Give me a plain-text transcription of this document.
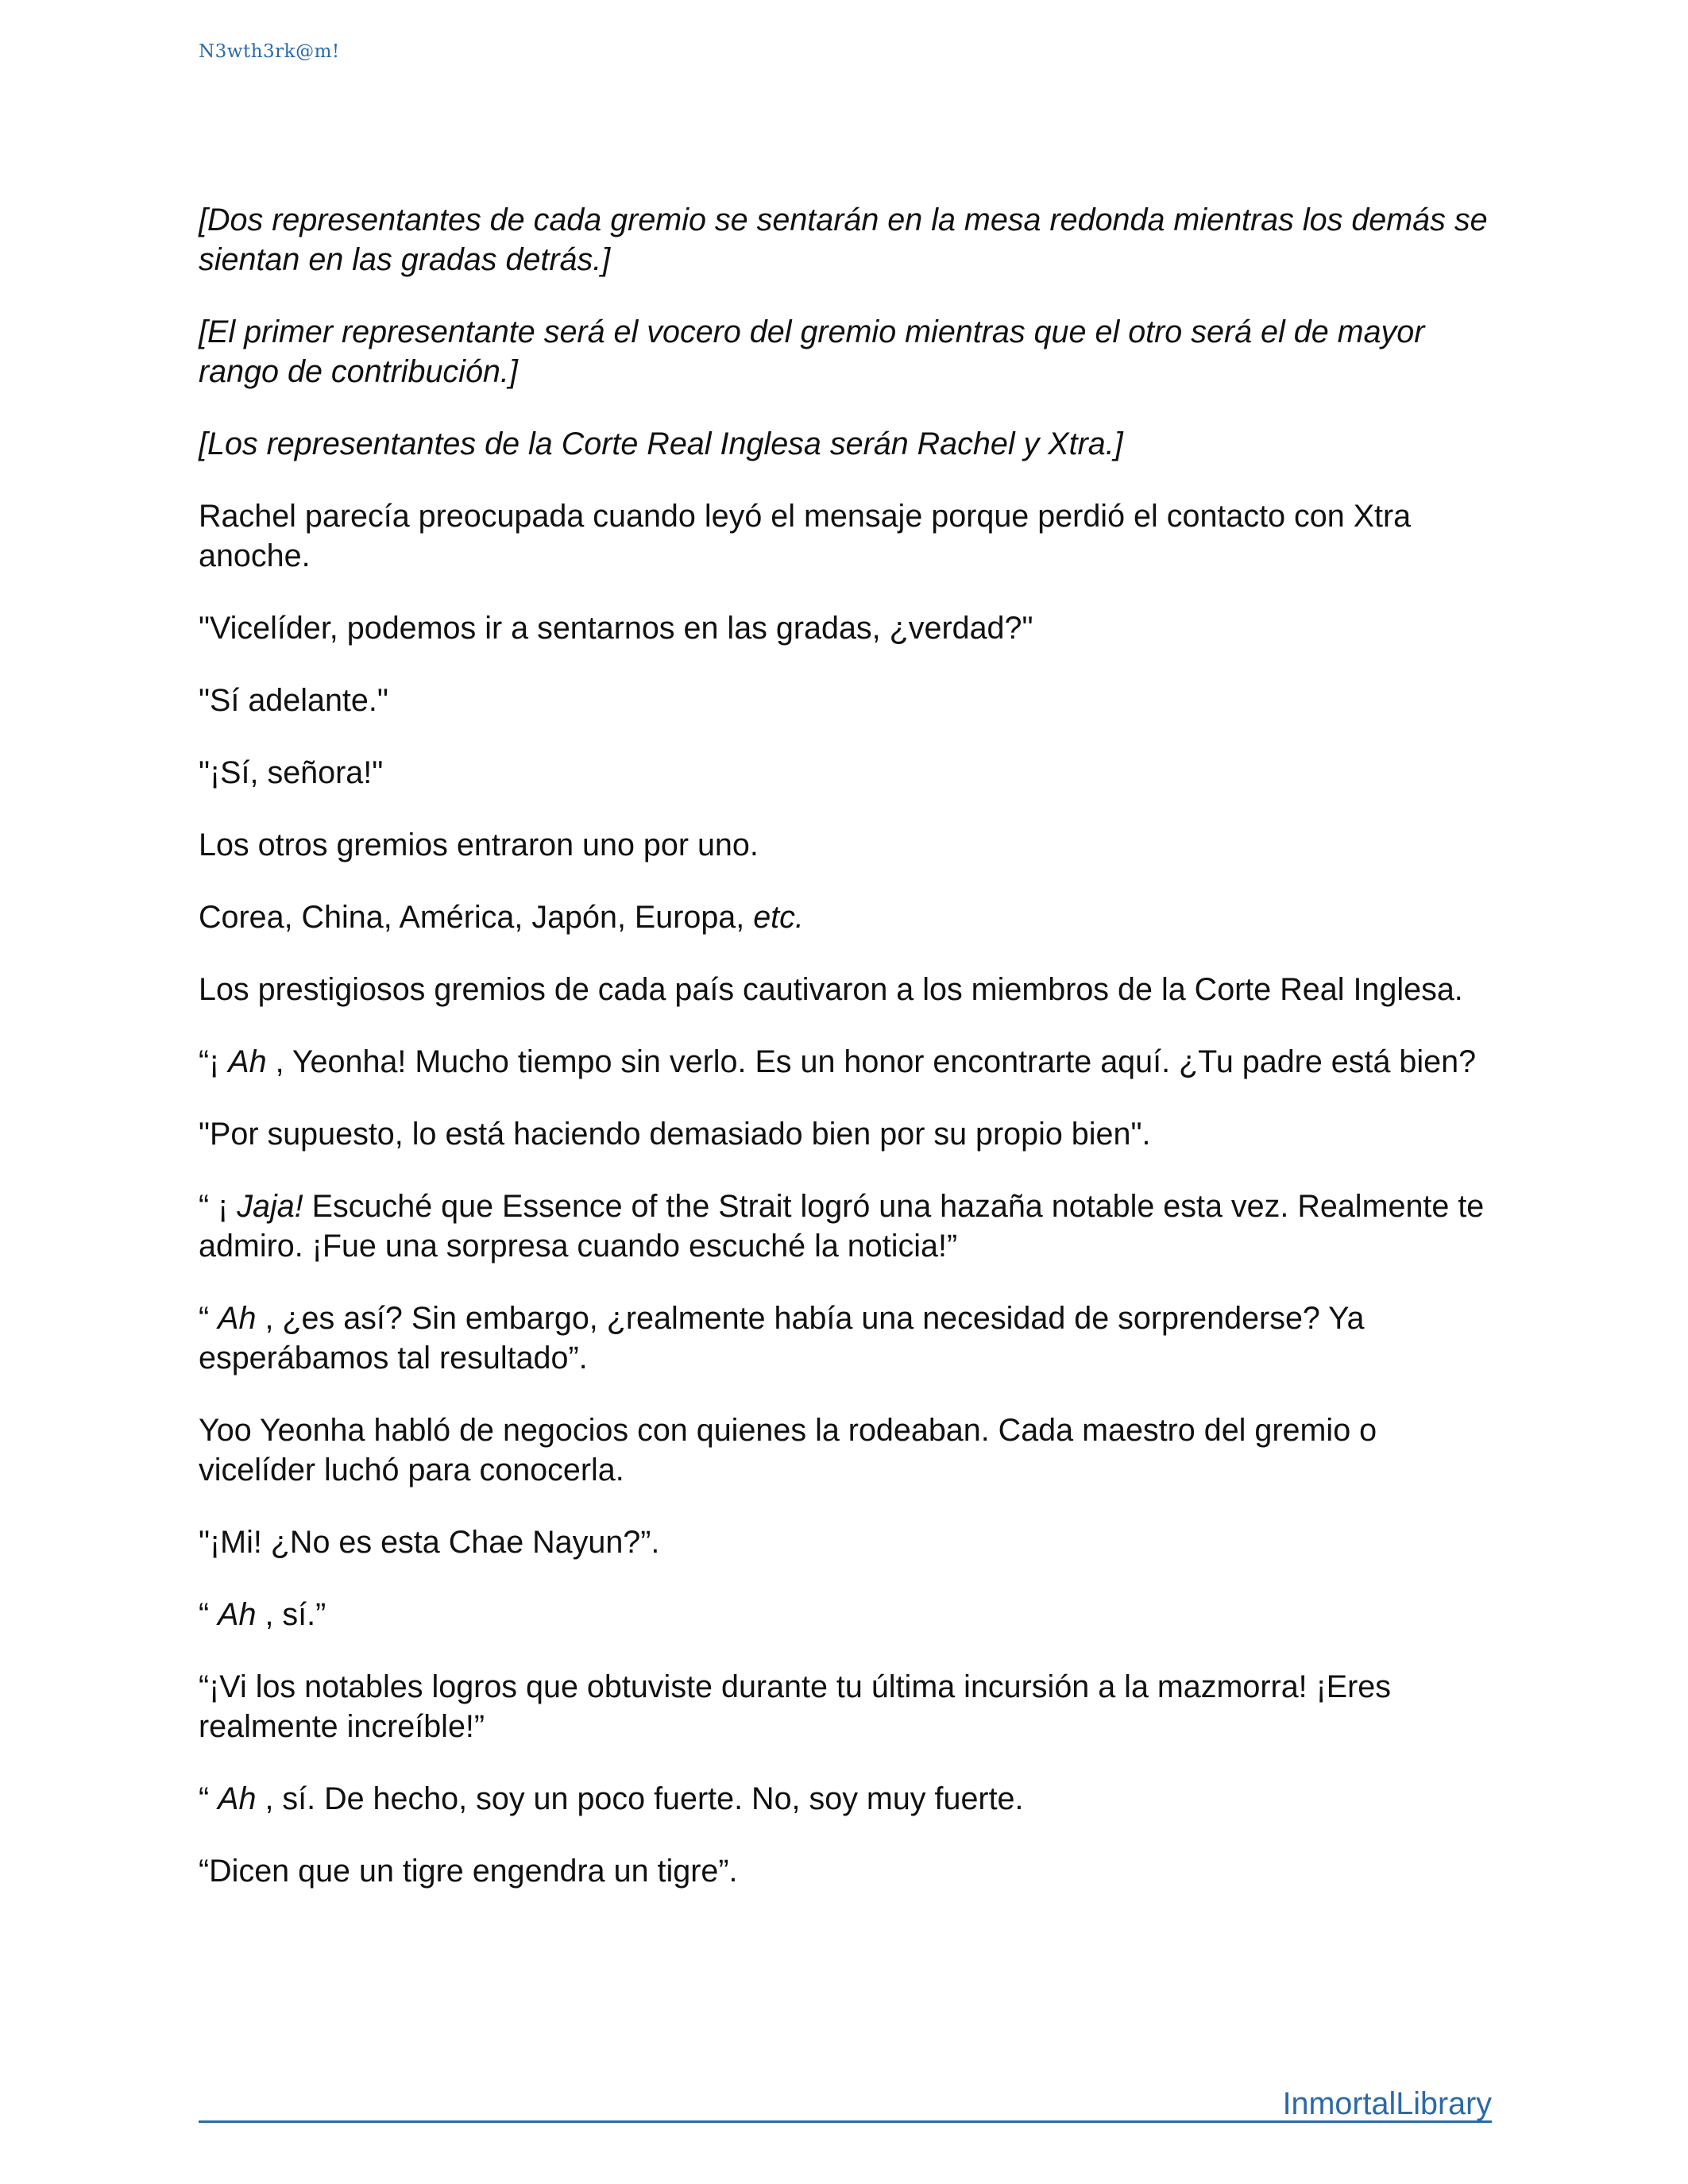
N3wth3rk@m!

[Dos representantes de cada gremio se sentarán en la mesa redonda mientras los demás se sientan en las gradas detrás.]

[El primer representante será el vocero del gremio mientras que el otro será el de mayor rango de contribución.]

[Los representantes de la Corte Real Inglesa serán Rachel y Xtra.]

Rachel parecía preocupada cuando leyó el mensaje porque perdió el contacto con Xtra anoche.

"Vicelíder, podemos ir a sentarnos en las gradas, ¿verdad?"

"Sí adelante."

"¡Sí, señora!"

Los otros gremios entraron uno por uno.

Corea, China, América, Japón, Europa, etc.

Los prestigiosos gremios de cada país cautivaron a los miembros de la Corte Real Inglesa.

“¡ Ah , Yeonha! Mucho tiempo sin verlo. Es un honor encontrarte aquí. ¿Tu padre está bien?

"Por supuesto, lo está haciendo demasiado bien por su propio bien".

“ ¡ Jaja! Escuché que Essence of the Strait logró una hazaña notable esta vez. Realmente te admiro. ¡Fue una sorpresa cuando escuché la noticia!”

“ Ah , ¿es así? Sin embargo, ¿realmente había una necesidad de sorprenderse? Ya esperábamos tal resultado”.

Yoo Yeonha habló de negocios con quienes la rodeaban. Cada maestro del gremio o vicelíder luchó para conocerla.

"¡Mi! ¿No es esta Chae Nayun?”.

“ Ah , sí.”

“¡Vi los notables logros que obtuviste durante tu última incursión a la mazmorra! ¡Eres realmente increíble!”

“ Ah , sí. De hecho, soy un poco fuerte. No, soy muy fuerte.

“Dicen que un tigre engendra un tigre”.

InmortalLibrary
